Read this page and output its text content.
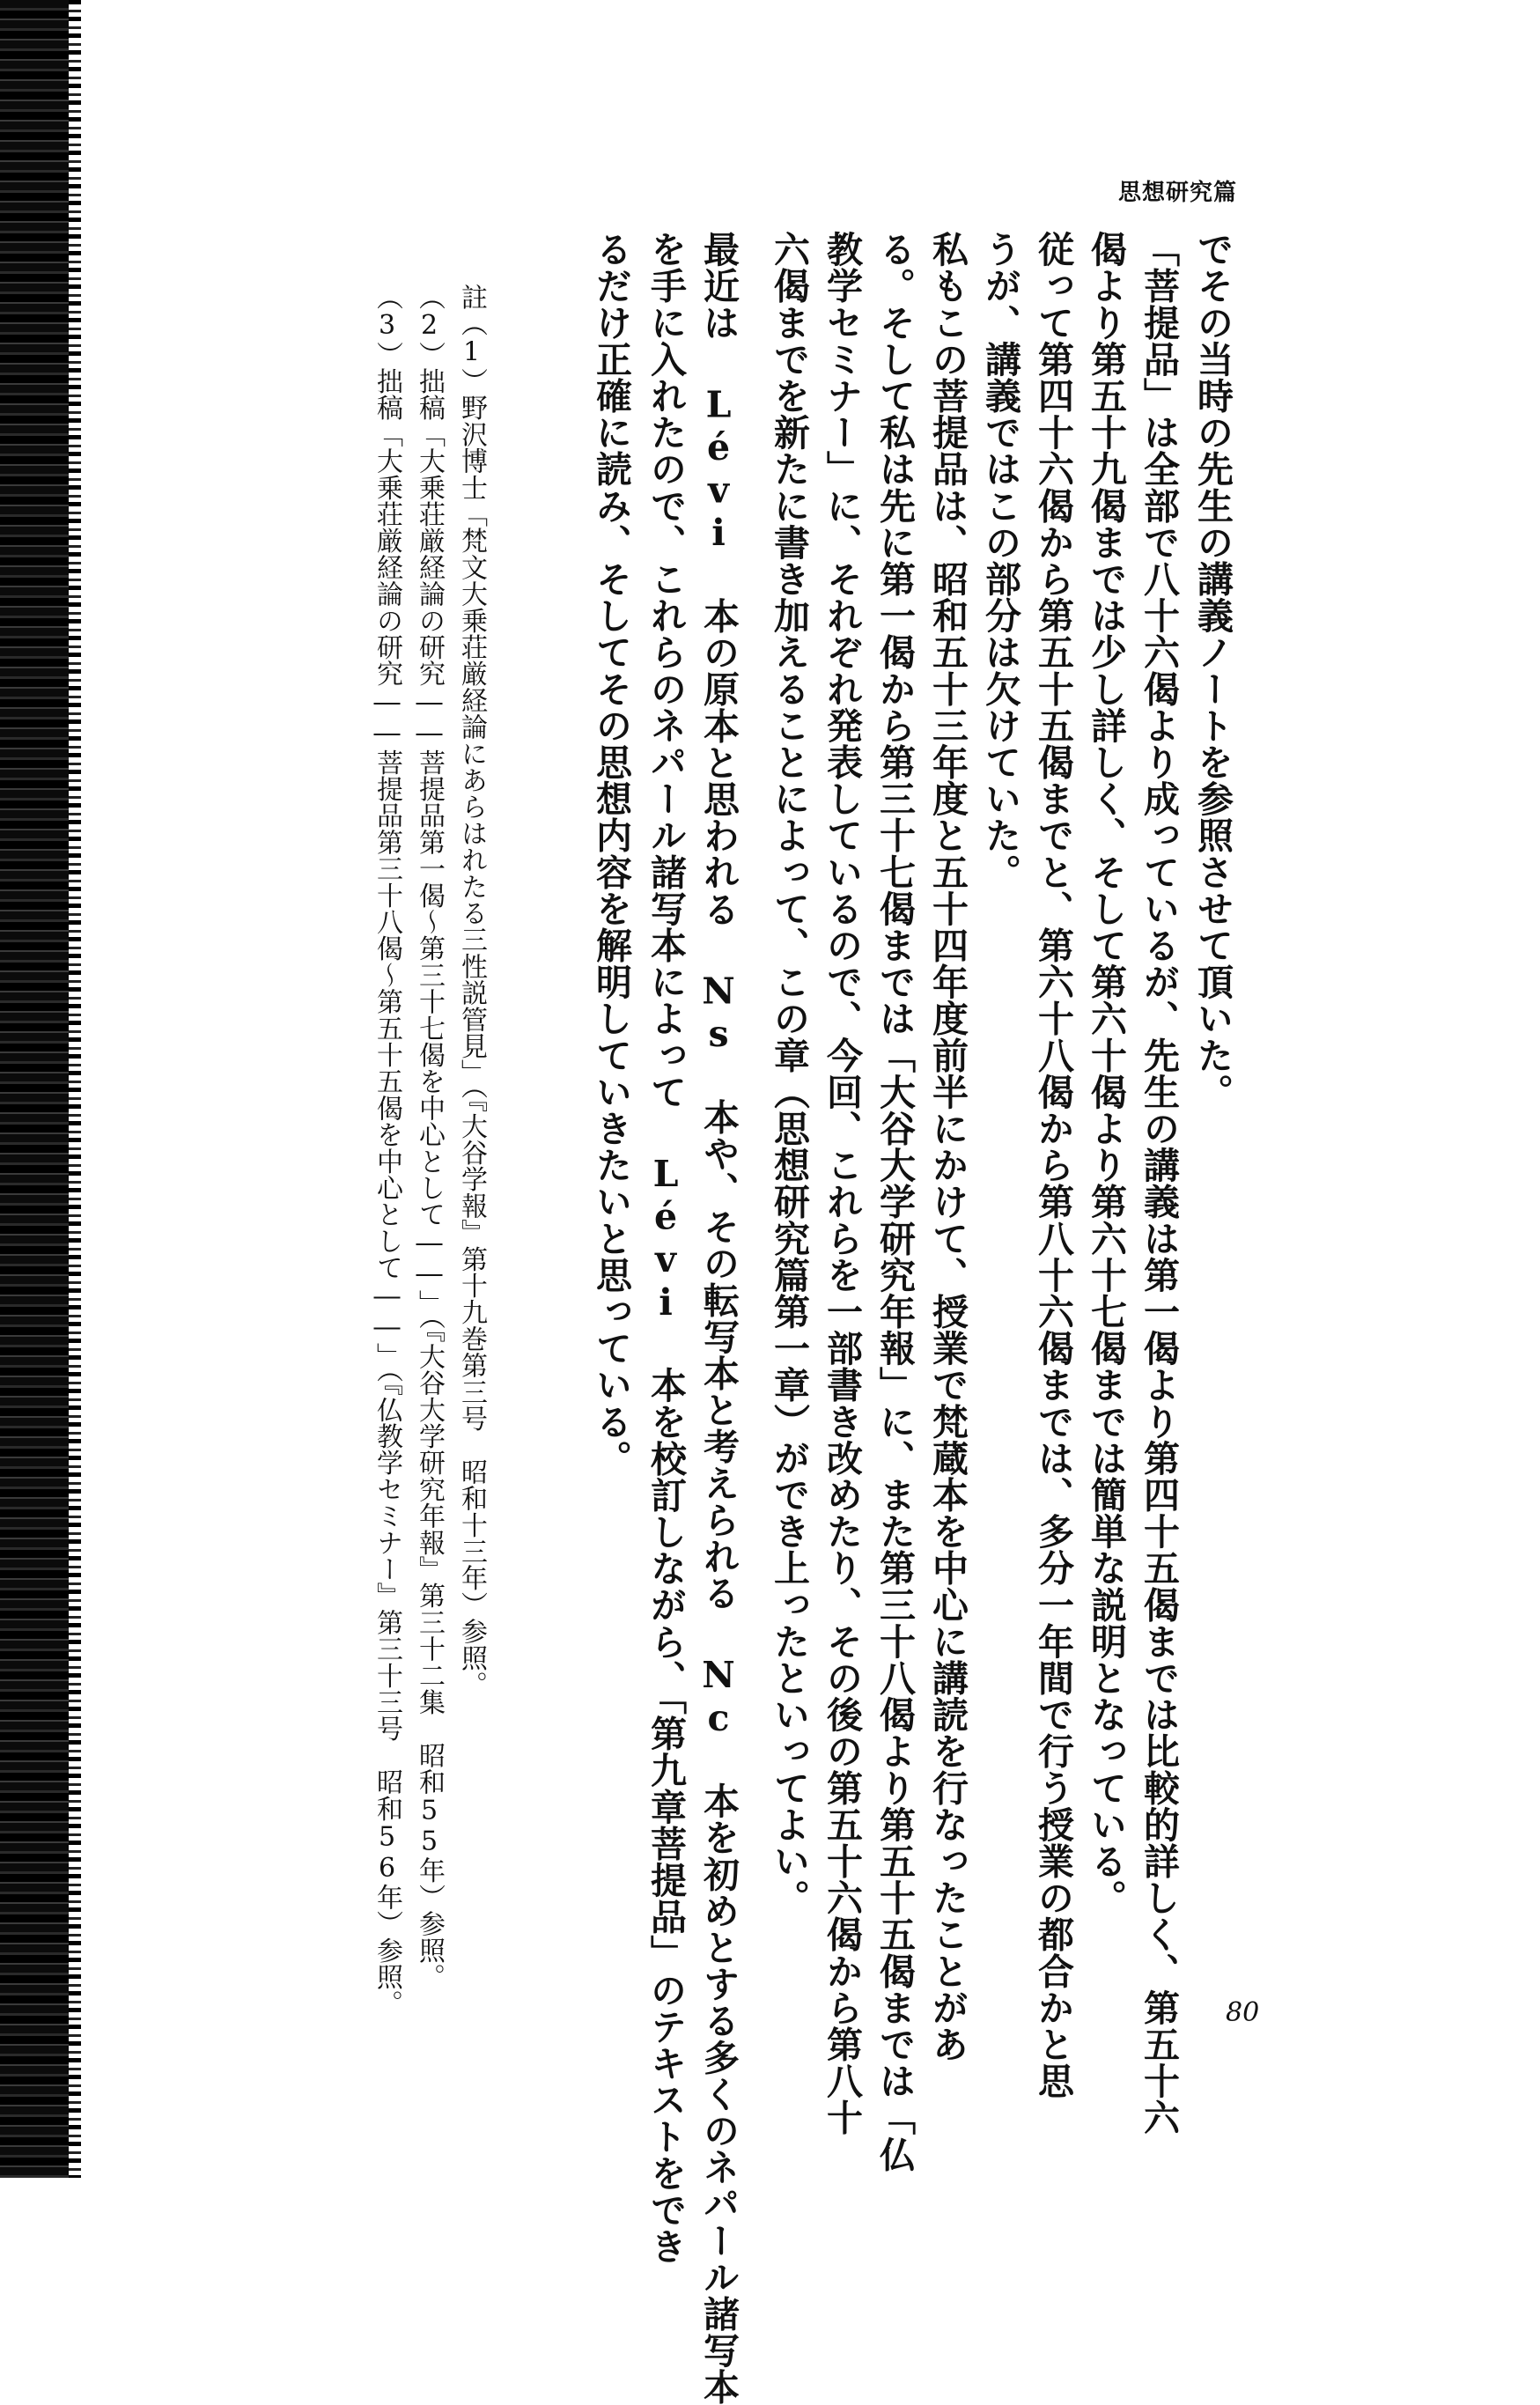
思想研究篇
でその当時の先生の講義ノートを参照させて頂いた。
「菩提品」は全部で八十六偈より成っているが、先生の講義は第一偈より第四十五偈までは比較的詳しく、第五十六
偈より第五十九偈までは少し詳しく、そして第六十偈より第六十七偈までは簡単な説明となっている。
従って第四十六偈から第五十五偈までと、第六十八偈から第八十六偈までは、多分一年間で行う授業の都合かと思
うが、講義ではこの部分は欠けていた。
私もこの菩提品は、昭和五十三年度と五十四年度前半にかけて、授業で梵蔵本を中心に講読を行なったことがあ
る。そして私は先に第一偈から第三十七偈までは「大谷大学研究年報」に、また第三十八偈より第五十五偈までは「仏
教学セミナー」に、それぞれ発表しているので、今回、これらを一部書き改めたり、その後の第五十六偈から第八十
六偈までを新たに書き加えることによって、この章（思想研究篇第一章）ができ上ったといってよい。
最近は Lévi 本の原本と思われる Ns 本や、その転写本と考えられる Nc 本を初めとする多くのネパール諸写本
を手に入れたので、これらのネパール諸写本によって Lévi 本を校訂しながら、「第九章菩提品」のテキストをでき
るだけ正確に読み、そしてその思想内容を解明していきたいと思っている。
註（1）野沢博士「梵文大乗荘厳経論にあらはれたる三性説管見」（『大谷学報』第十九巻第三号　昭和十三年）参照。
（2）拙稿「大乗荘厳経論の研究――菩提品第一偈〜第三十七偈を中心として――」（『大谷大学研究年報』第三十二集　昭和55年）参照。
（3）拙稿「大乗荘厳経論の研究――菩提品第三十八偈〜第五十五偈を中心として――」（『仏教学セミナー』第三十三号　昭和56年）参照。	80
